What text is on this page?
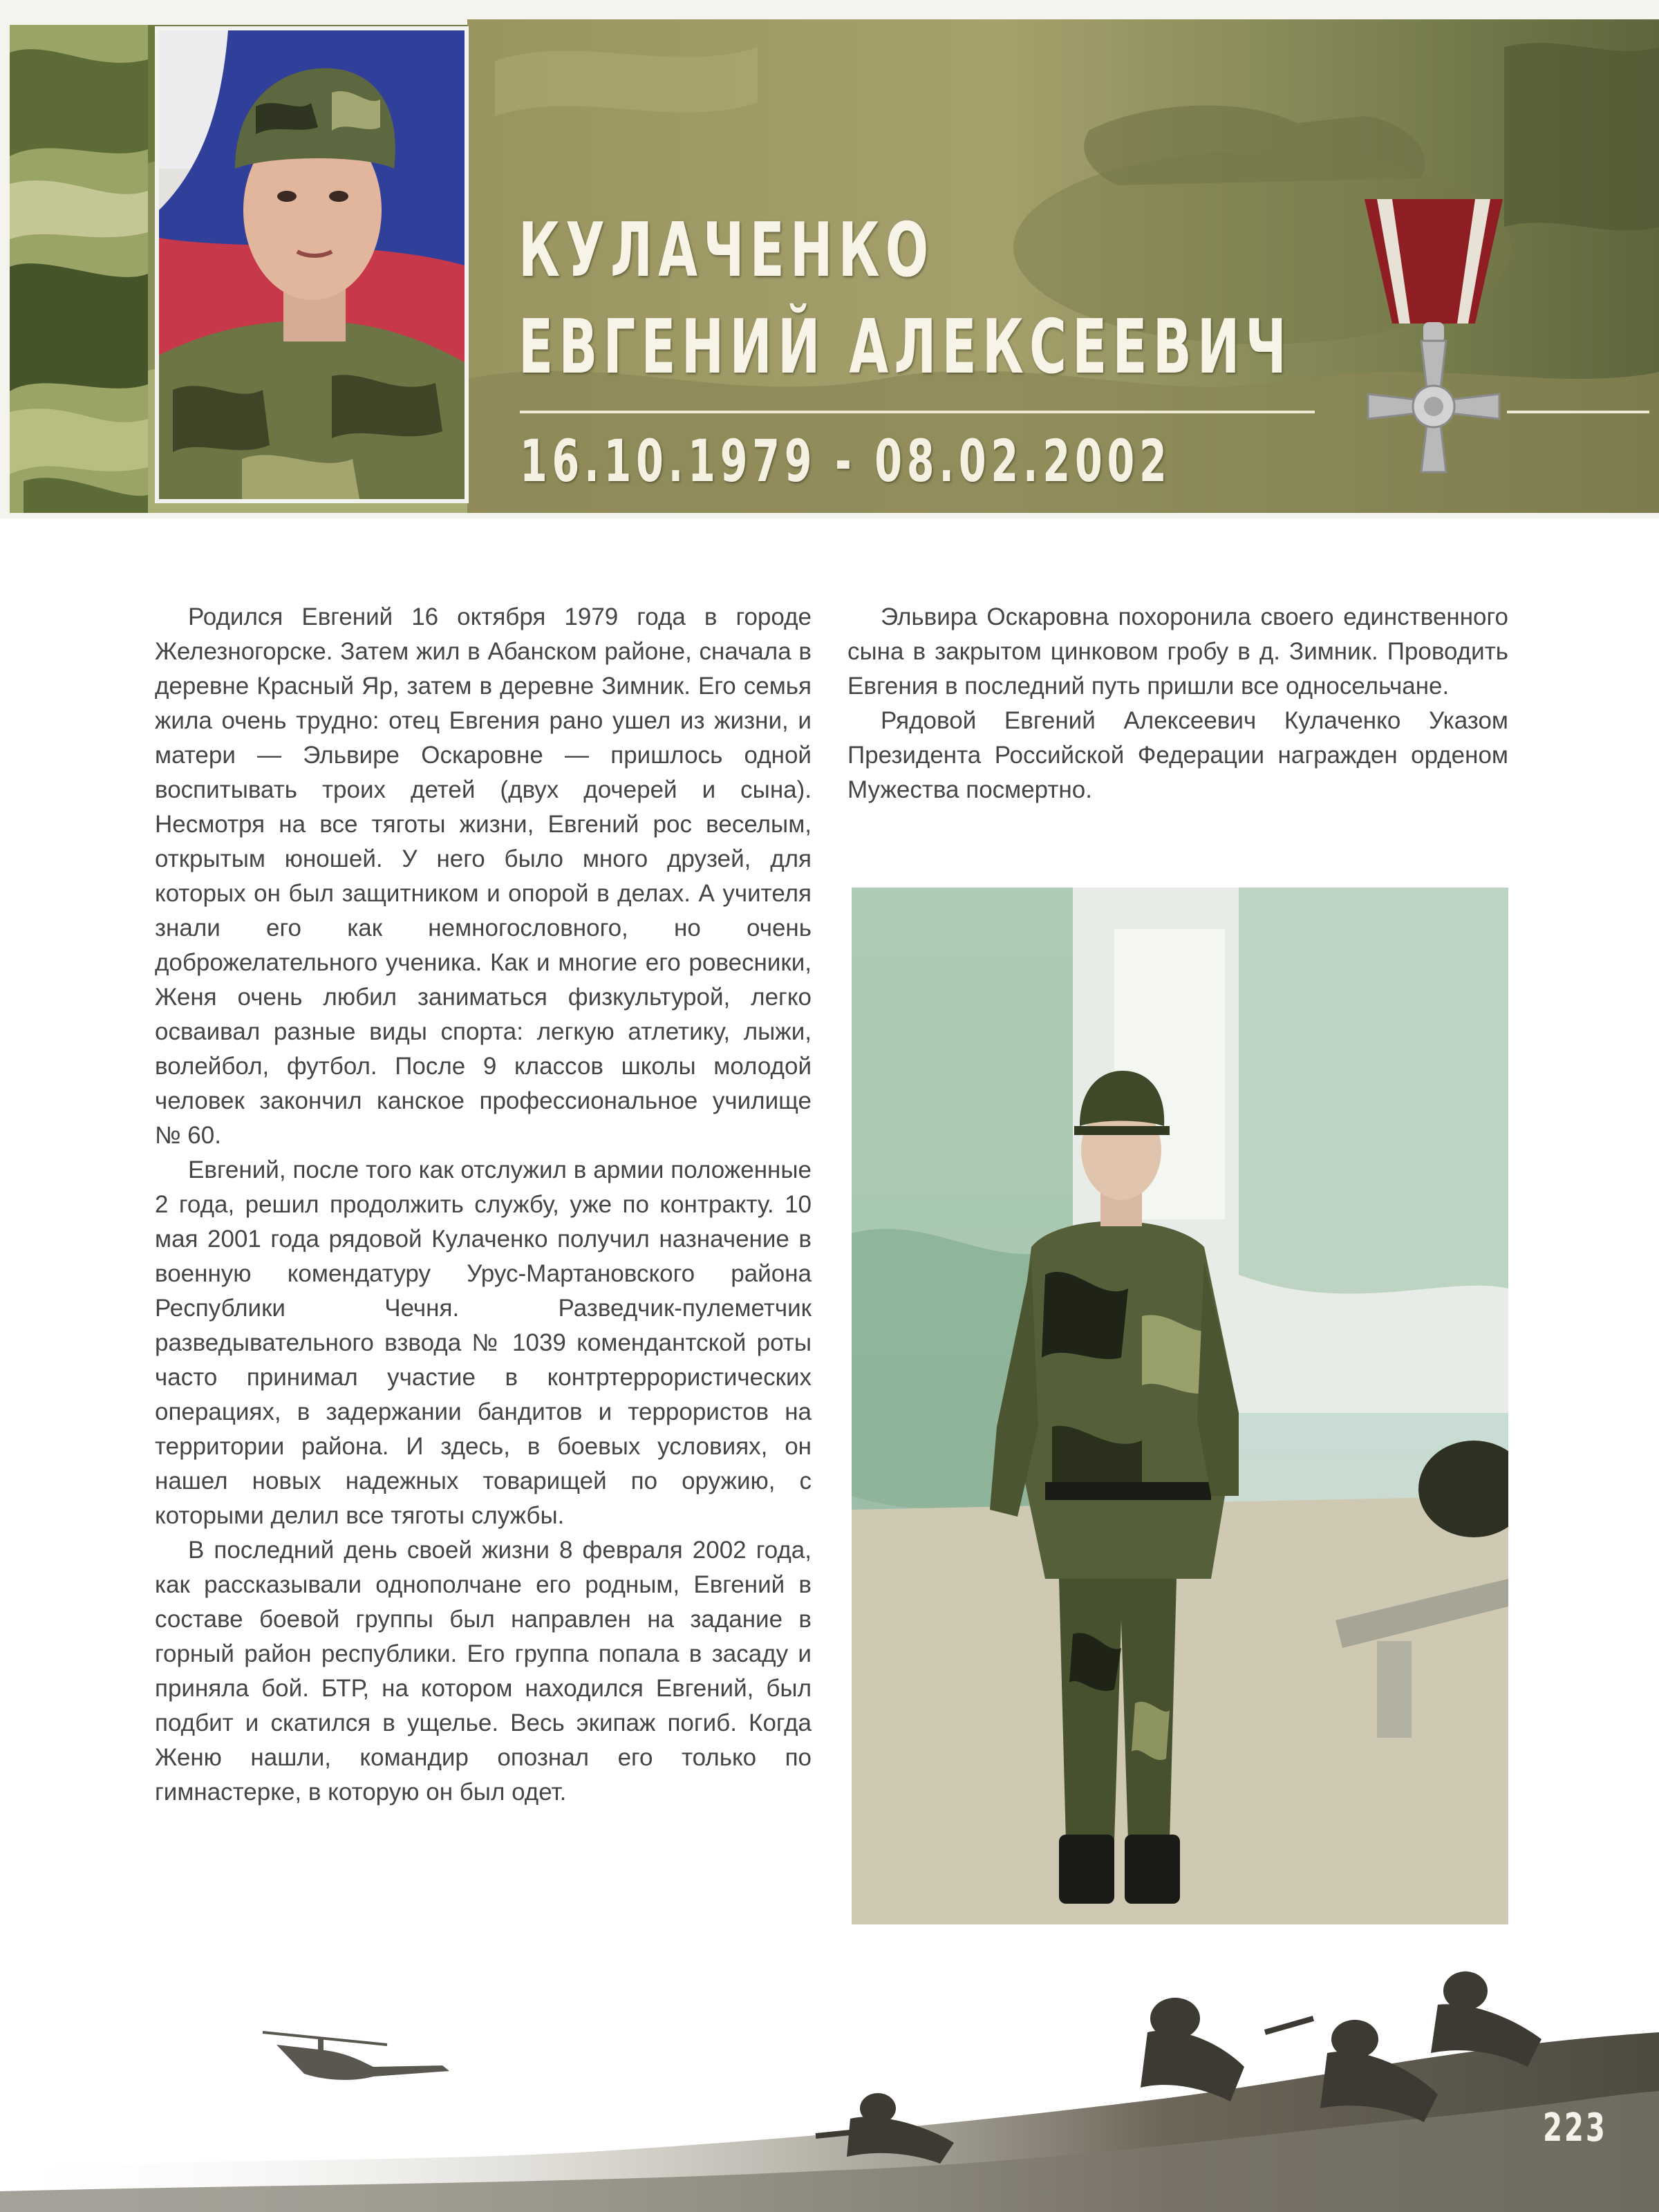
КУЛАЧЕНКО
ЕВГЕНИЙ АЛЕКСЕЕВИЧ
16.10.1979 - 08.02.2002

Родился Евгений 16 октября 1979 года в городе Железногорске. Затем жил в Абанском районе, сначала в деревне Красный Яр, затем в деревне Зимник. Его семья жила очень трудно: отец Евгения рано ушел из жизни, и матери — Эльвире Оскаровне — пришлось одной воспитывать троих детей (двух дочерей и сына). Несмотря на все тяготы жизни, Евгений рос веселым, открытым юношей. У него было много друзей, для которых он был защитником и опорой в делах. А учителя знали его как немногословного, но очень доброжелательного ученика. Как и многие его ровесники, Женя очень любил заниматься физкультурой, легко осваивал разные виды спорта: легкую атлетику, лыжи, волейбол, футбол. После 9 классов школы молодой человек закончил канское профессиональное училище № 60.

Евгений, после того как отслужил в армии положенные 2 года, решил продолжить службу, уже по контракту. 10 мая 2001 года рядовой Кулаченко получил назначение в военную комендатуру Урус-Мартановского района Республики Чечня. Разведчик-пулеметчик разведывательного взвода № 1039 комендантской роты часто принимал участие в контртеррористических операциях, в задержании бандитов и террористов на территории района. И здесь, в боевых условиях, он нашел новых надежных товарищей по оружию, с которыми делил все тяготы службы.

В последний день своей жизни 8 февраля 2002 года, как рассказывали однополчане его родным, Евгений в составе боевой группы был направлен на задание в горный район республики. Его группа попала в засаду и приняла бой. БТР, на котором находился Евгений, был подбит и скатился в ущелье. Весь экипаж погиб. Когда Женю нашли, командир опознал его только по гимнастерке, в которую он был одет.

Эльвира Оскаровна похоронила своего единственного сына в закрытом цинковом гробу в д. Зимник. Проводить Евгения в последний путь пришли все односельчане.

Рядовой Евгений Алексеевич Кулаченко Указом Президента Российской Федерации награжден орденом Мужества посмертно.

223
